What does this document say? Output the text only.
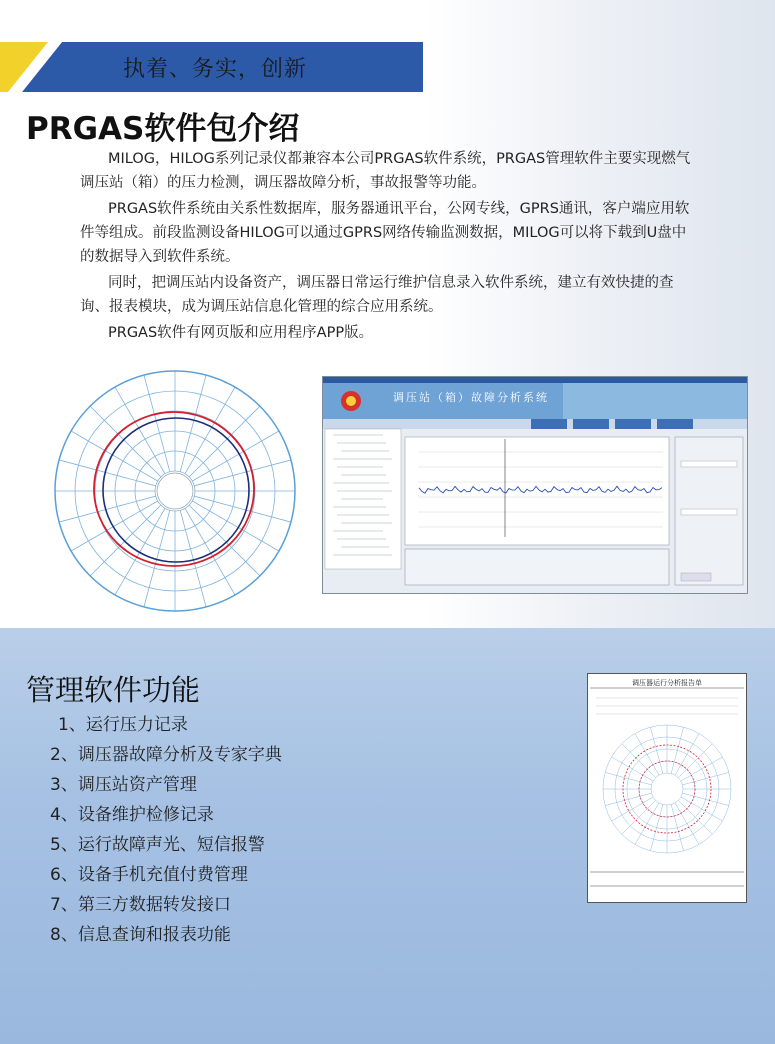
执着、务实，创新
PRGAS软件包介绍

MILOG，HILOG系列记录仪都兼容本公司PRGAS软件系统，PRGAS管理软件主要实现燃气调压站（箱）的压力检测，调压器故障分析，事故报警等功能。

PRGAS软件系统由关系性数据库，服务器通讯平台，公网专线，GPRS通讯，客户端应用软件等组成。前段监测设备HILOG可以通过GPRS网络传输监测数据，MILOG可以将下载到U盘中的数据导入到软件系统。

同时，把调压站内设备资产，调压器日常运行维护信息录入软件系统，建立有效快捷的查询、报表模块，成为调压站信息化管理的综合应用系统。

PRGAS软件有网页版和应用程序APP版。

调压站（箱）故障分析系统
管理软件功能
1、运行压力记录
2、调压器故障分析及专家字典
3、调压站资产管理
4、设备维护检修记录
5、运行故障声光、短信报警
6、设备手机充值付费管理
7、第三方数据转发接口
8、信息查询和报表功能
调压器运行分析报告单
